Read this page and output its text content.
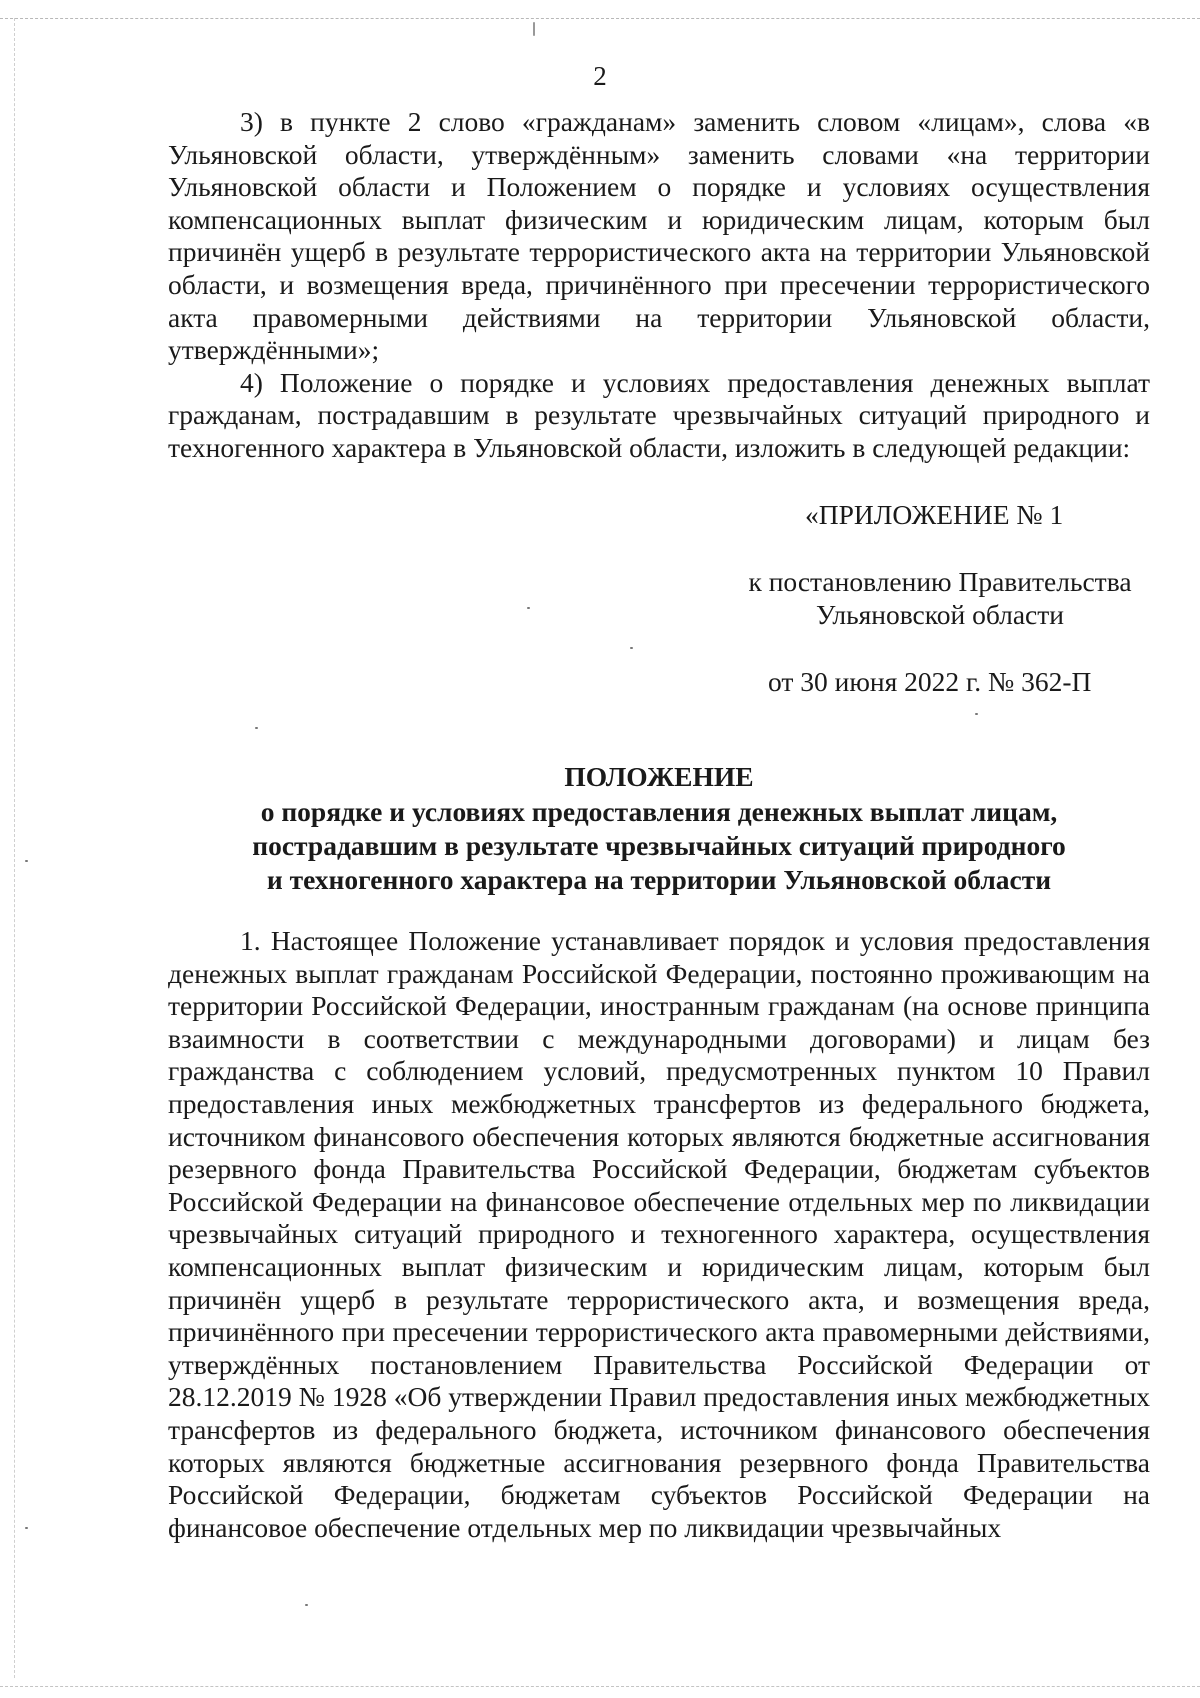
2

3) в пункте 2 слово «гражданам» заменить словом «лицам», слова «в Ульяновской области, утверждённым» заменить словами «на территории Ульяновской области и Положением о порядке и условиях осуществления компенсационных выплат физическим и юридическим лицам, которым был причинён ущерб в результате террористического акта на территории Ульяновской области, и возмещения вреда, причинённого при пресечении террористического акта правомерными действиями на территории Ульяновской области, утверждёнными»;

4) Положение о порядке и условиях предоставления денежных выплат гражданам, пострадавшим в результате чрезвычайных ситуаций природного и техногенного характера в Ульяновской области, изложить в следующей редакции:

«ПРИЛОЖЕНИЕ № 1
к постановлению Правительства
Ульяновской области
от 30 июня 2022 г. № 362-П
ПОЛОЖЕНИЕ
о порядке и условиях предоставления денежных выплат лицам,
пострадавшим в результате чрезвычайных ситуаций природного
и техногенного характера на территории Ульяновской области

1. Настоящее Положение устанавливает порядок и условия предоставления денежных выплат гражданам Российской Федерации, постоянно проживающим на территории Российской Федерации, иностранным гражданам (на основе принципа взаимности в соответствии с международными договорами) и лицам без гражданства с соблюдением условий, предусмотренных пунктом 10 Правил предоставления иных межбюджетных трансфертов из федерального бюджета, источником финансового обеспечения которых являются бюджетные ассигнования резервного фонда Правительства Российской Федерации, бюджетам субъектов Российской Федерации на финансовое обеспечение отдельных мер по ликвидации чрезвычайных ситуаций природного и техногенного характера, осуществления компенсационных выплат физическим и юридическим лицам, которым был причинён ущерб в результате террористического акта, и возмещения вреда, причинённого при пресечении террористического акта правомерными действиями, утверждённых постановлением Правительства Российской Федерации от 28.12.2019 № 1928 «Об утверждении Правил предоставления иных межбюджетных трансфертов из федерального бюджета, источником финансового обеспечения которых являются бюджетные ассигнования резервного фонда Правительства Российской Федерации, бюджетам субъектов Российской Федерации на финансовое обеспечение отдельных мер по ликвидации чрезвычайных
